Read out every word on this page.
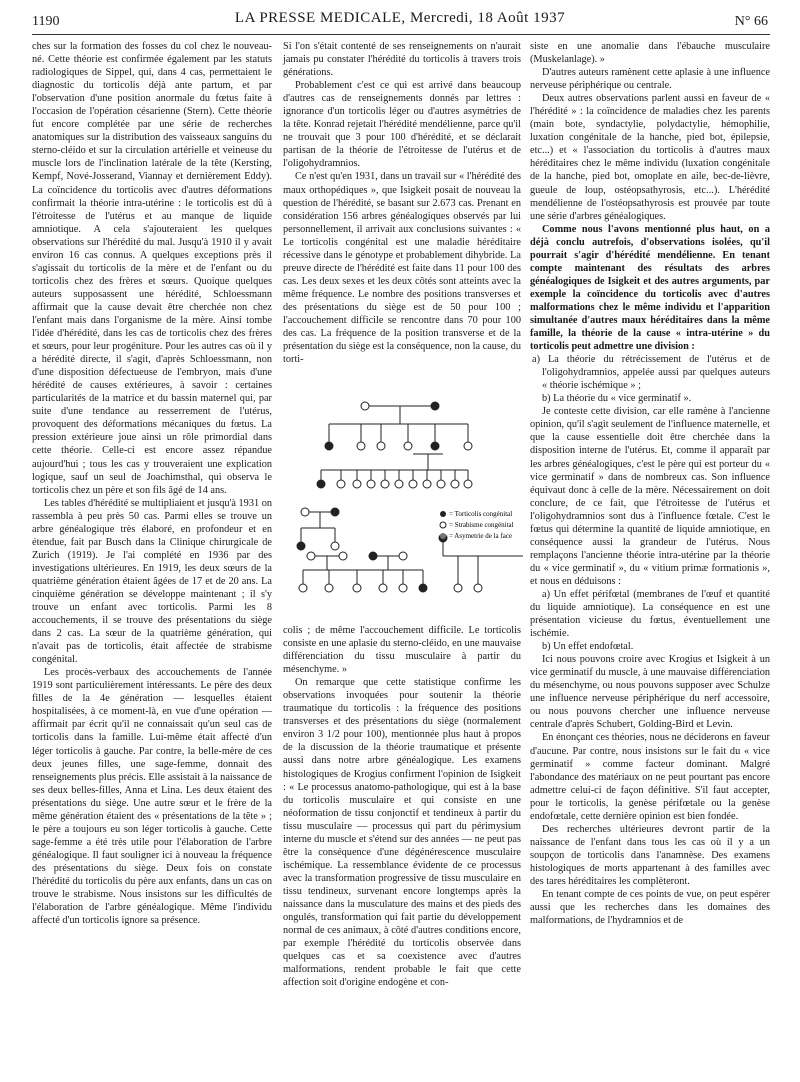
1190	LA PRESSE MEDICALE, Mercredi, 18 Août 1937	N° 66

ches sur la formation des fosses du col chez le nouveau-né. Cette théorie est confirmée également par les statuts radiologiques de Sippel, qui, dans 4 cas, permettaient le diagnostic du torticolis déjà ante partum, et par l'observation d'une position anormale du fœtus faite à l'occasion de l'opération césarienne (Stern). Cette théorie fut encore complétée par une série de recherches anatomiques sur la distribution des vaisseaux sanguins du sterno-cléido et sur la circulation artérielle et veineuse du muscle lors de l'inclination latérale de la tête (Kersting, Kempf, Nové-Josserand, Viannay et dernièrement Eddy). La coïncidence du torticolis avec d'autres déformations confirmait la théorie intra-utérine : le torticolis est dû à l'étroitesse de l'utérus et au manque de liquide amniotique. A cela s'ajouteraient les quelques observations sur l'hérédité du mal. Jusqu'à 1910 il y avait environ 16 cas connus. A quelques exceptions près il s'agissait du torticolis de la mère et de l'enfant ou du torticolis chez des frères et sœurs. Quoique quelques auteurs supposassent une hérédité, Schloessmann affirmait que la cause devait être cherchée non chez l'enfant mais dans l'organisme de la mère. Ainsi tombe l'idée d'hérédité, dans les cas de torticolis chez des frères et sœurs, pour leur progéniture. Pour les autres cas où il y a hérédité directe, il s'agit, d'après Schloessmann, non d'une disposition défectueuse de l'embryon, mais d'une hérédité de causes extérieures, à savoir : certaines particularités de la matrice et du bassin maternel qui, par suite d'une tendance au resserrement de l'utérus, provoquent des déformations mécaniques du fœtus. La pression extérieure joue ainsi un rôle primordial dans cette théorie. Celle-ci est encore assez répandue aujourd'hui ; tous les cas y trouveraient une explication logique, sauf un seul de Joachimsthal, qui observa le torticolis chez un père et son fils âgé de 14 ans.

Les tables d'hérédité se multipliaient et jusqu'à 1931 on rassembla à peu près 50 cas. Parmi elles se trouve un arbre généalogique très élaboré, en profondeur et en étendue, fait par Busch dans la Clinique chirurgicale de Zurich (1919). Je l'ai complété en 1936 par des investigations ultérieures. En 1919, les deux sœurs de la quatrième génération étaient âgées de 17 et de 20 ans. La cinquième génération se développe maintenant ; il s'y trouve un enfant avec torticolis. Parmi les 8 accouchements, il se trouve des présentations du siège dans 2 cas. La sœur de la quatrième génération, qui n'avait pas de torticolis, était affectée de strabisme congénital.

Les procès-verbaux des accouchements de l'année 1919 sont particulièrement intéressants. Le père des deux filles de la 4e génération — lesquelles étaient hospitalisées, à ce moment-là, en vue d'une opération — affirmait par écrit qu'il ne connaissait qu'un seul cas de torticolis dans la famille. Lui-même était affecté d'un léger torticolis à gauche. Par contre, la belle-mère de ces deux jeunes filles, une sage-femme, donnait des renseignements plus précis. Elle assistait à la naissance de ses deux belles-filles, Anna et Lina. Les deux étaient des présentations du siège. Une autre sœur et le frère de la même génération étaient des « présentations de la tête » ; le père a toujours eu son léger torticolis à gauche. Cette sage-femme a été très utile pour l'élaboration de l'arbre généalogique. Il faut souligner ici à nouveau la fréquence des présentations du siège. Deux fois on constate l'hérédité du torticolis du père aux enfants, dans un cas on trouve le strabisme. Nous insistons sur les difficultés de l'élaboration de l'arbre généalogique. Même l'individu affecté d'un torticolis ignore sa présence.

Si l'on s'était contenté de ses renseignements on n'aurait jamais pu constater l'hérédité du torticolis à travers trois générations.

Probablement c'est ce qui est arrivé dans beaucoup d'autres cas de renseignements donnés par lettres : ignorance d'un torticolis léger ou d'autres asymétries de la tête. Konrad rejetait l'hérédité mendélienne, parce qu'il ne trouvait que 3 pour 100 d'hérédité, et se déclarait partisan de la théorie de l'étroitesse de l'utérus et de l'oligohydramnios.

Ce n'est qu'en 1931, dans un travail sur « l'hérédité des maux orthopédiques », que Isigkeit posait de nouveau la question de l'hérédité, se basant sur 2.673 cas. Prenant en considération 156 arbres généalogiques observés par lui personnellement, il arrivait aux conclusions suivantes : « Le torticolis congénital est une maladie héréditaire récessive dans le génotype et probablement dihybride. La preuve directe de l'hérédité est faite dans 11 pour 100 des cas. Les deux sexes et les deux côtés sont atteints avec la même fréquence. Le nombre des positions transverses et des présentations du siège est de 50 pour 100 ; l'accouchement difficile se rencontre dans 70 pour 100 des cas. La fréquence de la position transverse et de la présentation du siège est la conséquence, non la cause, du torti-

colis ; de même l'accouchement difficile. Le torticolis consiste en une aplasie du sterno-cléido, en une mauvaise différenciation du tissu musculaire à partir du mésenchyme. »

On remarque que cette statistique confirme les observations invoquées pour soutenir la théorie traumatique du torticolis : la fréquence des positions transverses et des présentations du siège (normalement environ 3 1/2 pour 100), mentionnée plus haut à propos de la discussion de la théorie traumatique et présente aussi dans notre arbre généalogique. Les examens histologiques de Krogius confirment l'opinion de Isigkeit : « Le processus anatomo-pathologique, qui est à la base du torticolis musculaire et qui consiste en une néoformation de tissu conjonctif et tendineux à partir du tissu musculaire — processus qui part du périmysium interne du muscle et s'étend sur des années — ne peut pas être la conséquence d'une dégénérescence musculaire ischémique. La ressemblance évidente de ce processus avec la transformation progressive de tissu musculaire en tissu tendineux, survenant encore longtemps après la naissance dans la musculature des mains et des pieds des ongulés, transformation qui fait partie du développement normal de ces animaux, à côté d'autres conditions encore, par exemple l'hérédité du torticolis observée dans quelques cas et sa coexistence avec d'autres malformations, rendent probable le fait que cette affection soit d'origine endogène et con-

siste en une anomalie dans l'ébauche musculaire (Muskelanlage). »

D'autres auteurs ramènent cette aplasie à une influence nerveuse périphérique ou centrale.

Deux autres observations parlent aussi en faveur de « l'hérédité » : la coïncidence de maladies chez les parents (main bote, syndactylie, polydactylie, hémophilie, luxation congénitale de la hanche, pied bot, épilepsie, etc...) et « l'association du torticolis à d'autres maux héréditaires chez le même individu (luxation congénitale de la hanche, pied bot, omoplate en aile, bec-de-lièvre, gueule de loup, ostéopsathyrosis, etc...). L'hérédité mendélienne de l'ostéopsathyrosis est prouvée par toute une série d'arbres généalogiques.

Comme nous l'avons mentionné plus haut, on a déjà conclu autrefois, d'observations isolées, qu'il pourrait s'agir d'hérédité mendélienne. En tenant compte maintenant des résultats des arbres généalogiques de Isigkeit et des autres arguments, par exemple la coïncidence du torticolis avec d'autres malformations chez le même individu et l'apparition simultanée d'autres maux héréditaires dans la même famille, la théorie de la cause « intra-utérine » du torticolis peut admettre une division :

a) La théorie du rétrécissement de l'utérus et de l'oligohydramnios, appelée aussi par quelques auteurs « théorie ischémique » ;

b) La théorie du « vice germinatif ».

Je conteste cette division, car elle ramène à l'ancienne opinion, qu'il s'agit seulement de l'influence maternelle, et que la cause essentielle doit être cherchée dans la disposition interne de l'utérus. Et, comme il apparaît par les arbres généalogiques, c'est le père qui est porteur du « vice germinatif » dans de nombreux cas. Son influence équivaut donc à celle de la mère. Nécessairement on doit conclure, de ce fait, que l'étroitesse de l'utérus et l'oligohydramnios sont dus à l'influence fœtale. C'est le fœtus qui détermine la quantité de liquide amniotique, en conséquence aussi la grandeur de l'utérus. Nous remplaçons l'ancienne théorie intra-utérine par la théorie du « vice germinatif », du « vitium primæ formationis », et nous en déduisons :

a) Un effet périfœtal (membranes de l'œuf et quantité du liquide amniotique). La conséquence en est une présentation vicieuse du fœtus, éventuellement une ischémie.

b) Un effet endofœtal.

Ici nous pouvons croire avec Krogius et Isigkeit à un vice germinatif du muscle, à une mauvaise différenciation du mésenchyme, ou nous pouvons supposer avec Schulze une influence nerveuse périphérique du nerf accessoire, ou nous pouvons chercher une influence nerveuse centrale d'après Schubert, Golding-Bird et Levin.

En énonçant ces théories, nous ne déciderons en faveur d'aucune. Par contre, nous insistons sur le fait du « vice germinatif » comme facteur dominant. Malgré l'abondance des matériaux on ne peut pourtant pas encore admettre celui-ci de façon définitive. S'il faut accepter, pour le torticolis, la genèse périfœtale ou la genèse endofœtale, cette dernière opinion est bien fondée.

Des recherches ultérieures devront partir de la naissance de l'enfant dans tous les cas où il y a un soupçon de torticolis dans l'anamnèse. Des examens histologiques de morts appartenant à des familles avec des tares héréditaires les complèteront.

En tenant compte de ces points de vue, on peut espérer aussi que les recherches dans les domaines des malformations, de l'hydramnios et de

= Torticolis congénital
= Strabisme congénital
= Asymetrie de la face
